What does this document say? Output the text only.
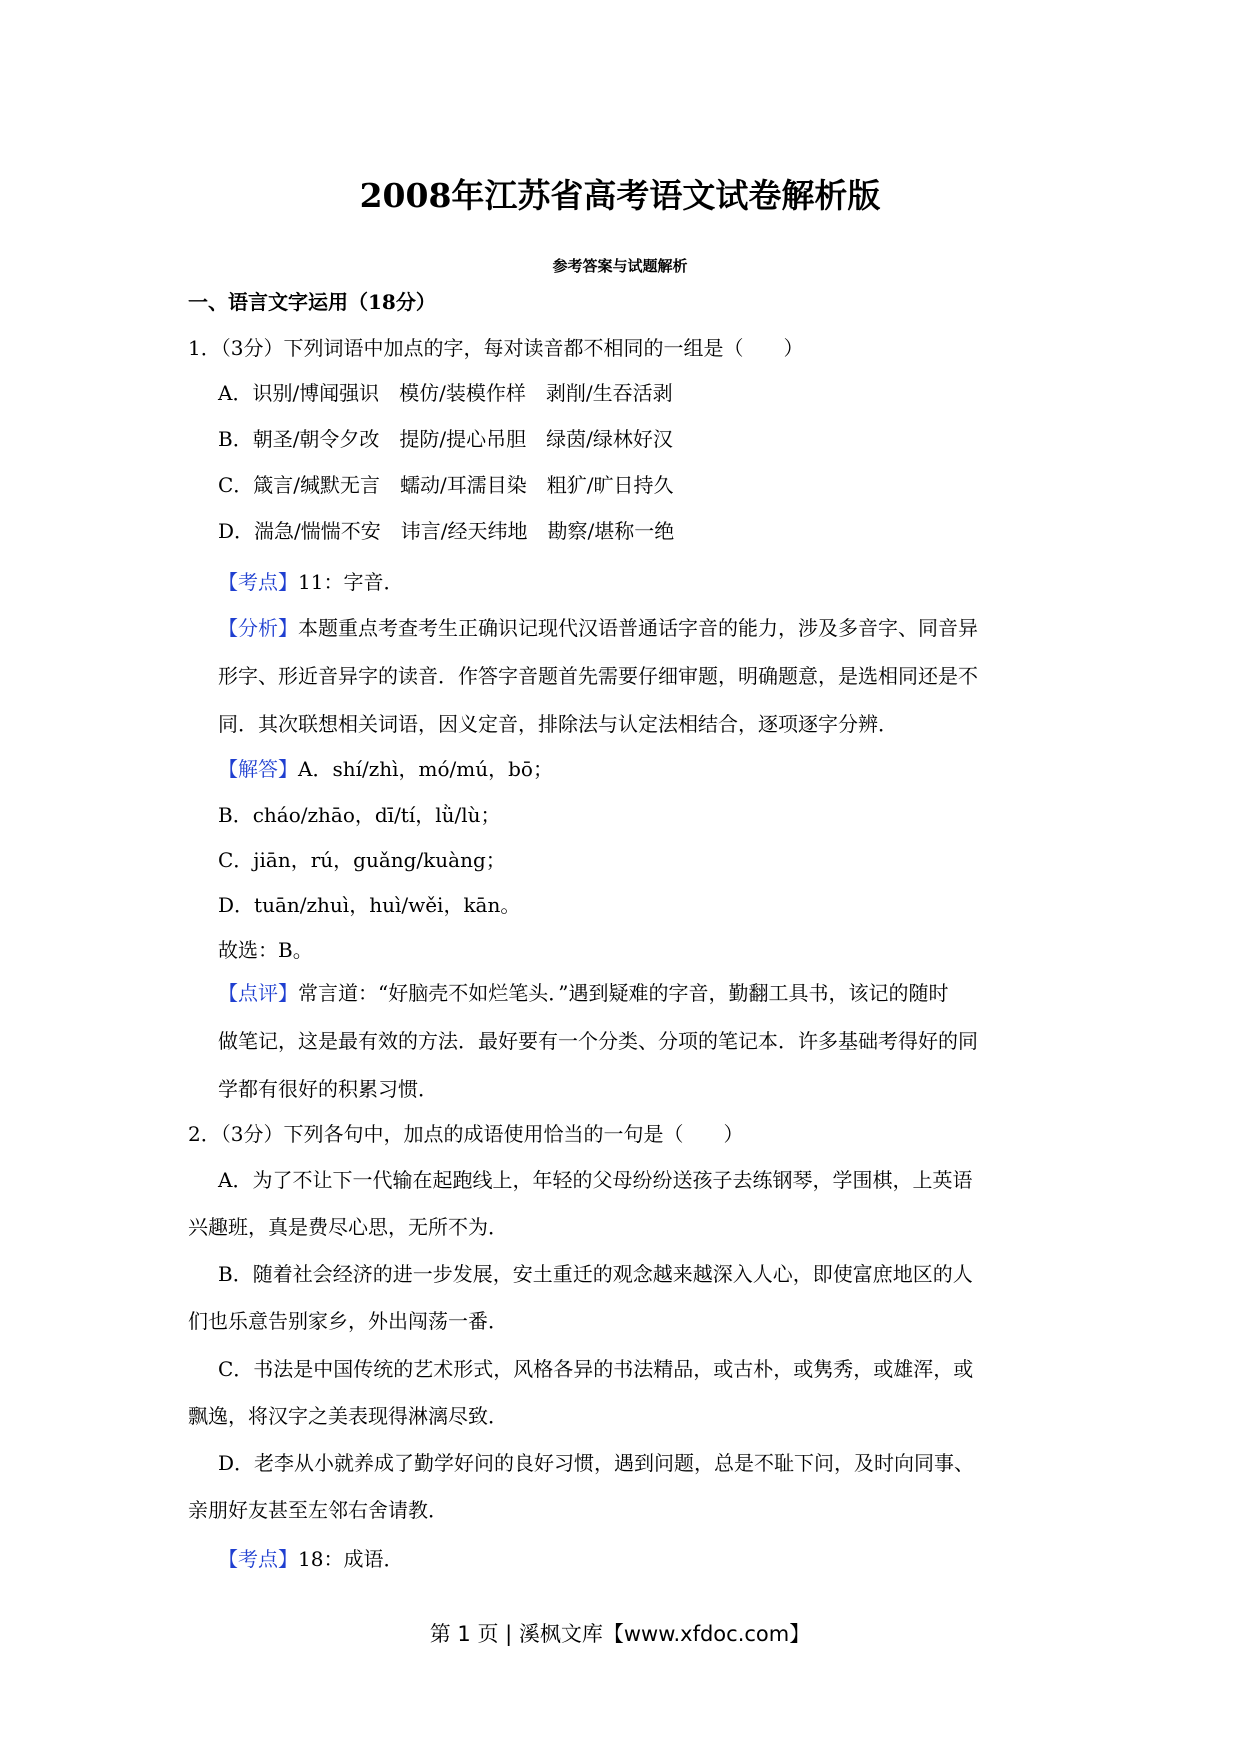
2008年江苏省高考语文试卷解析版
参考答案与试题解析
一、语言文字运用（18分）
1．（3分）下列词语中加点的字，每对读音都不相同的一组是（　　）
A．识别/博闻强识　模仿/装模作样　剥削/生吞活剥
B．朝圣/朝令夕改　提防/提心吊胆　绿茵/绿林好汉
C．箴言/缄默无言　蠕动/耳濡目染　粗犷/旷日持久
D．湍急/惴惴不安　讳言/经天纬地　勘察/堪称一绝
【考点】11：字音．
【分析】本题重点考查考生正确识记现代汉语普通话字音的能力，涉及多音字、同音异
形字、形近音异字的读音．作答字音题首先需要仔细审题，明确题意，是选相同还是不
同．其次联想相关词语，因义定音，排除法与认定法相结合，逐项逐字分辨．
【解答】A．shí/zhì，mó/mú，bō；
B．cháo/zhāo，dī/tí，lǜ/lù；
C．jiān，rú，guǎng/kuàng；
D．tuān/zhuì，huì/wěi，kān。
故选：B。
【点评】常言道：“好脑壳不如烂笔头．”遇到疑难的字音，勤翻工具书，该记的随时
做笔记，这是最有效的方法．最好要有一个分类、分项的笔记本．许多基础考得好的同
学都有很好的积累习惯．
2．（3分）下列各句中，加点的成语使用恰当的一句是（　　）
A．为了不让下一代输在起跑线上，年轻的父母纷纷送孩子去练钢琴，学围棋，上英语
兴趣班，真是费尽心思，无所不为．
B．随着社会经济的进一步发展，安土重迁的观念越来越深入人心，即使富庶地区的人
们也乐意告别家乡，外出闯荡一番．
C．书法是中国传统的艺术形式，风格各异的书法精品，或古朴，或隽秀，或雄浑，或
飘逸，将汉字之美表现得淋漓尽致．
D．老李从小就养成了勤学好问的良好习惯，遇到问题，总是不耻下问，及时向同事、
亲朋好友甚至左邻右舍请教．
【考点】18：成语．
第 1 页 | 溪枫文库【www.xfdoc.com】
